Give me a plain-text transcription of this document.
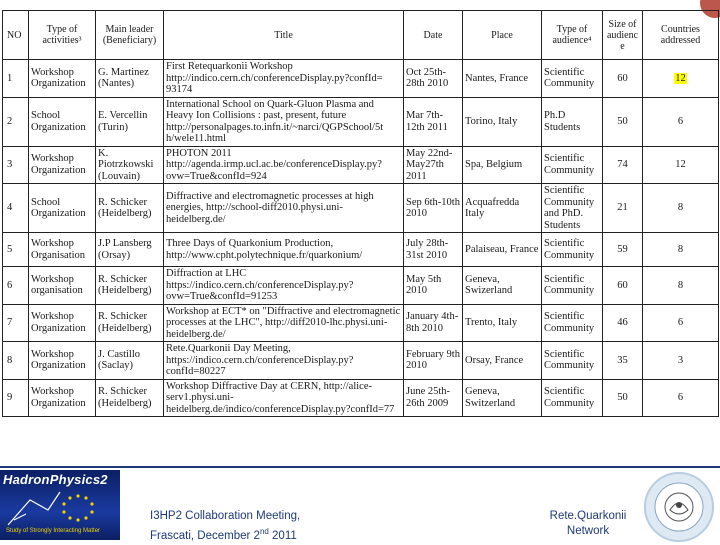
NO	Type of activities³	Main leader (Beneficiary)	Title	Date	Place	Type of audience⁴	Size of audience	Countries addressed
1	Workshop Organization	G. Martinez (Nantes)	First Retequarkonii Workshop http://indico.cern.ch/conferenceDisplay.py?confId= 93174	Oct 25th-28th 2010	Nantes, France	Scientific Community	60	12
2	School Organization	E. Vercellin (Turin)	International School on Quark-Gluon Plasma and Heavy Ion Collisions : past, present, future http://personalpages.to.infn.it/~narci/QGPSchool/5t h/wele11.html	Mar 7th-12th 2011	Torino, Italy	Ph.D Students	50	6
3	Workshop Organization	K. Piotrzkowski (Louvain)	PHOTON 2011 http://agenda.irmp.ucl.ac.be/conferenceDisplay.py?ovw=True&confId=924	May 22nd-May27th 2011	Spa, Belgium	Scientific Community	74	12
4	School Organization	R. Schicker (Heidelberg)	Diffractive and electromagnetic processes at high energies, http://school-diff2010.physi.uni-heidelberg.de/	Sep 6th-10th 2010	Acquafredda Italy	Scientific Community and PhD. Students	21	8
5	Workshop Organisation	J.P Lansberg (Orsay)	Three Days of Quarkonium Production, http://www.cpht.polytechnique.fr/quarkonium/	July 28th-31st 2010	Palaiseau, France	Scientific Community	59	8
6	Workshop organisation	R. Schicker (Heidelberg)	Diffraction at LHC https://indico.cern.ch/conferenceDisplay.py?ovw=True&confId=91253	May 5th 2010	Geneva, Swizerland	Scientific Community	60	8
7	Workshop Organization	R. Schicker (Heidelberg)	Workshop at ECT* on "Diffractive and electromagnetic processes at the LHC", http://diff2010-lhc.physi.uni-heidelberg.de/	January 4th-8th 2010	Trento, Italy	Scientific Community	46	6
8	Workshop Organization	J. Castillo (Saclay)	Rete.Quarkonii Day Meeting, https://indico.cern.ch/conferenceDisplay.py?confId=80227	February 9th 2010	Orsay, France	Scientific Community	35	3
9	Workshop Organization	R. Schicker (Heidelberg)	Workshop Diffractive Day at CERN, http://alice-serv1.physi.uni-heidelberg.de/indico/conferenceDisplay.py?confId=77	June 25th-26th 2009	Geneva, Switzerland	Scientific Community	50	6
HadronPhysics2
Study of Strongly Interacting Matter
I3HP2 Collaboration Meeting,
Frascati, December 2nd 2011
Rete.Quarkonii
Network
